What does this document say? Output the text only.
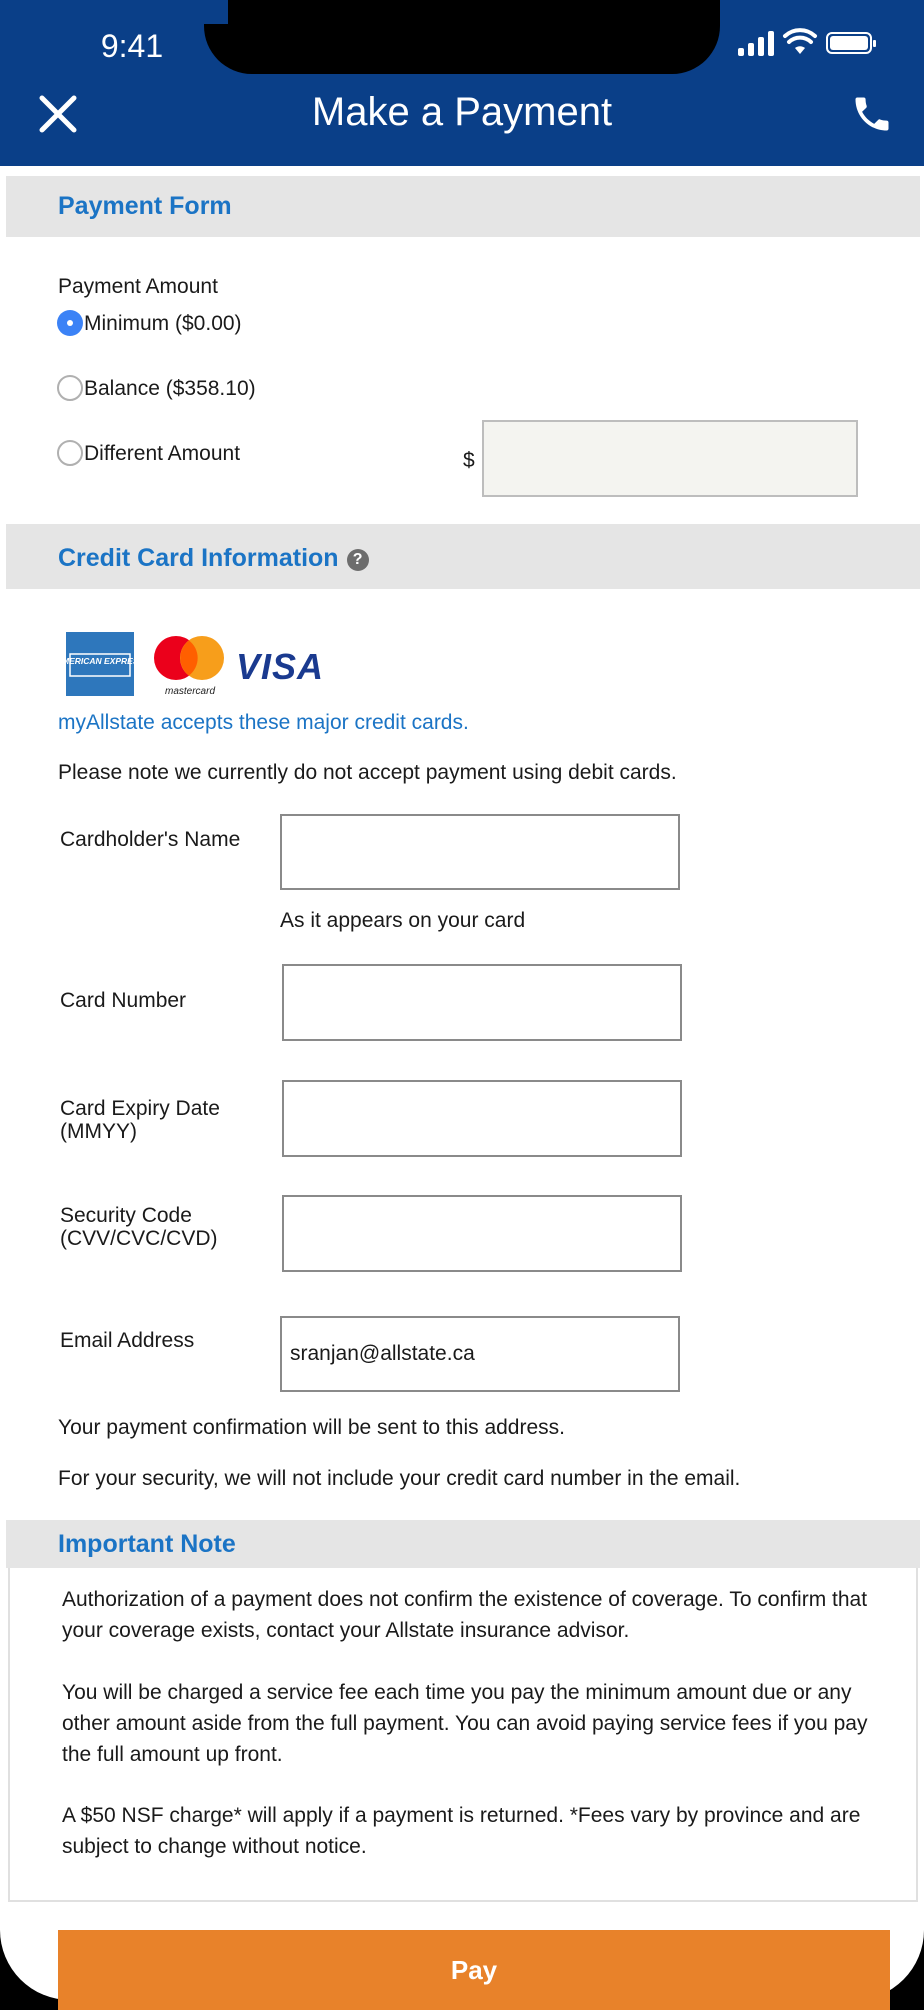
9:41
Make a Payment
Payment Form
Payment Amount
Minimum ($0.00)
Balance ($358.10)
Different Amount	$
Credit Card Information ?
AMERICAN EXPRESS
mastercard
VISA
myAllstate accepts these major credit cards.
Please note we currently do not accept payment using debit cards.
Cardholder's Name
As it appears on your card
Card Number
Card Expiry Date
(MMYY)
Security Code
(CVV/CVC/CVD)
Email Address
sranjan@allstate.ca
Your payment confirmation will be sent to this address.
For your security, we will not include your credit card number in the email.
Important Note
Authorization of a payment does not confirm the existence of coverage. To confirm that your coverage exists, contact your Allstate insurance advisor.
You will be charged a service fee each time you pay the minimum amount due or any other amount aside from the full payment. You can avoid paying service fees if you pay the full amount up front.
A $50 NSF charge* will apply if a payment is returned. *Fees vary by province and are subject to change without notice.
Pay
